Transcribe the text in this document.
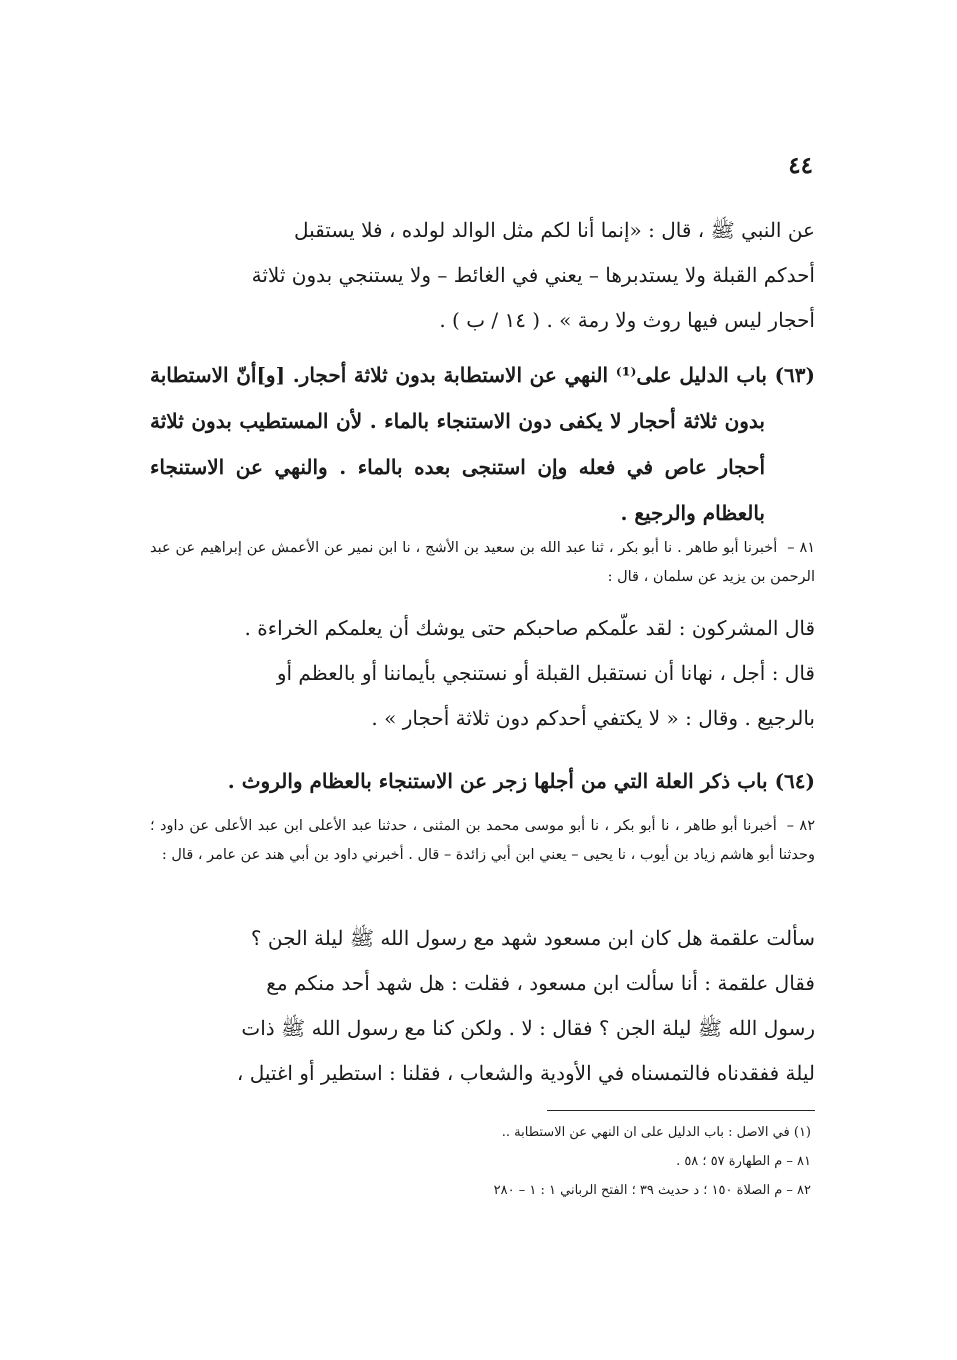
٤٤

عن النبي ﷺ ، قال : «إنما أنا لكم مثل الوالد لولده ، فلا يستقبل

أحدكم القبلة ولا يستدبرها – يعني في الغائط – ولا يستنجي بدون ثلاثة

أحجار ليس فيها روث ولا رمة » . ( ١٤ / ب ) .

(٦٣) باب الدليل على⁽¹⁾ النهي عن الاستطابة بدون ثلاثة أحجار. [و]أنّ الاستطابة بدون ثلاثة أحجار لا يكفى دون الاستنجاء بالماء . لأن المستطيب بدون ثلاثة أحجار عاص في فعله وإن استنجى بعده بالماء . والنهي عن الاستنجاء بالعظام والرجيع .

٨١ –أخبرنا أبو طاهر . نا أبو بكر ، ثنا عبد الله بن سعيد بن الأشج ، نا ابن نمير عن الأعمش عن إبراهيم عن عبد الرحمن بن يزيد عن سلمان ، قال :

قال المشركون : لقد علّمكم صاحبكم حتى يوشك أن يعلمكم الخراءة .

قال : أجل ، نهانا أن نستقبل القبلة أو نستنجي بأيماننا أو بالعظم أو

بالرجيع . وقال : « لا يكتفي أحدكم دون ثلاثة أحجار » .

(٦٤) باب ذكر العلة التي من أجلها زجر عن الاستنجاء بالعظام والروث .

٨٢ –أخبرنا أبو طاهر ، نا أبو بكر ، نا أبو موسى محمد بن المثنى ، حدثنا عبد الأعلى ابن عبد الأعلى عن داود ؛ وحدثنا أبو هاشم زياد بن أيوب ، نا يحيى – يعني ابن أبي زائدة – قال . أخبرني داود بن أبي هند عن عامر ، قال :

سألت علقمة هل كان ابن مسعود شهد مع رسول الله ﷺ ليلة الجن ؟

فقال علقمة : أنا سألت ابن مسعود ، فقلت : هل شهد أحد منكم مع

رسول الله ﷺ ليلة الجن ؟ فقال : لا . ولكن كنا مع رسول الله ﷺ ذات

ليلة ففقدناه فالتمسناه في الأودية والشعاب ، فقلنا : استطير أو اغتيل ،

(١) في الاصل : باب الدليل على ان النهي عن الاستطابة ..

٨١ – م الطهارة ٥٧ ؛ ٥٨ .

٨٢ – م الصلاة ١٥٠ ؛ د حديث ٣٩ ؛ الفتح الرباني ١ : ١ – ٢٨٠
